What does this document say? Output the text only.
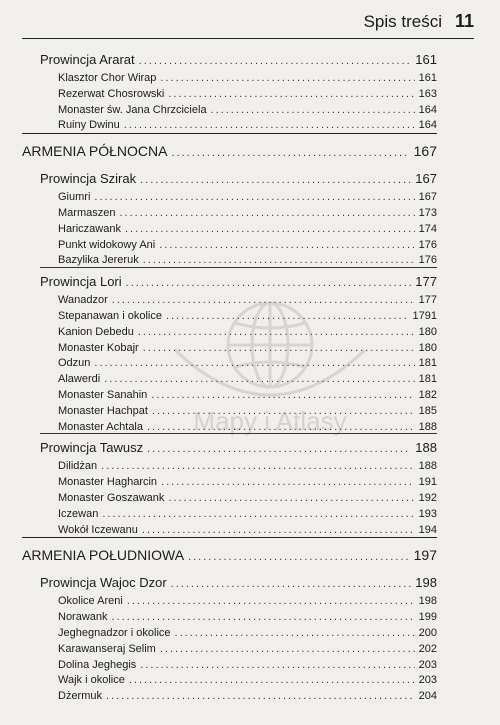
Spis treści 11
Prowincja Ararat .....	161
Klasztor Chor Wirap .....	161
Rezerwat Chosrowski .....	163
Monaster św. Jana Chrzciciela .....	164
Ruiny Dwinu .....	164
ARMENIA PÓŁNOCNA .....	167
Prowincja Szirak .....	167
Giumri .....	167
Marmaszen .....	173
Hariczawank .....	174
Punkt widokowy Ani .....	176
Bazylika Jereruk .....	176
Prowincja Lori .....	177
Wanadzor .....	177
Stepanawan i okolice .....	1791
Kanion Debedu .....	180
Monaster Kobajr .....	180
Odzun .....	181
Alawerdi .....	181
Monaster Sanahin .....	182
Monaster Hachpat .....	185
Monaster Achtala .....	188
Prowincja Tawusz .....	188
Dilidżan .....	188
Monaster Hagharcin .....	191
Monaster Goszawank .....	192
Iczewan .....	193
Wokół Iczewanu .....	194
ARMENIA POŁUDNIOWA .....	197
Prowincja Wajoc Dzor .....	198
Okolice Areni .....	198
Norawank .....	199
Jeghegnadzor i okolice .....	200
Karawanseraj Selim .....	202
Dolina Jeghegis .....	203
Wajk i okolice .....	203
Dżermuk .....	204
Mapy i Atlasy
